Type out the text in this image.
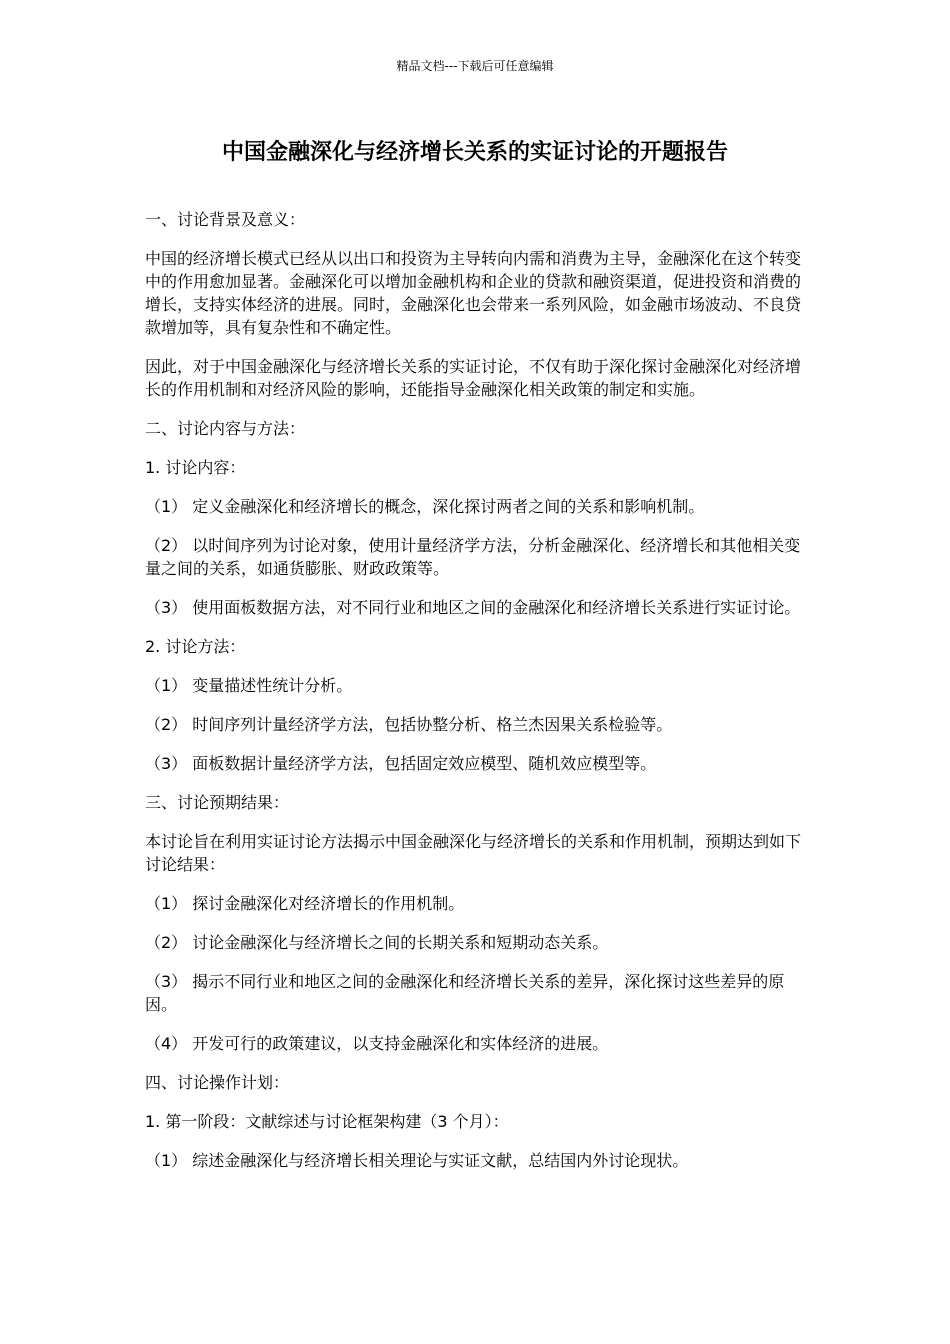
精品文档---下载后可任意编辑
中国金融深化与经济增长关系的实证讨论的开题报告

一、讨论背景及意义：

中国的经济增长模式已经从以出口和投资为主导转向内需和消费为主导，金融深化在这个转变中的作用愈加显著。金融深化可以增加金融机构和企业的贷款和融资渠道，促进投资和消费的增长，支持实体经济的进展。同时，金融深化也会带来一系列风险，如金融市场波动、不良贷款增加等，具有复杂性和不确定性。

因此，对于中国金融深化与经济增长关系的实证讨论，不仅有助于深化探讨金融深化对经济增长的作用机制和对经济风险的影响，还能指导金融深化相关政策的制定和实施。

二、讨论内容与方法：

1. 讨论内容：

（1） 定义金融深化和经济增长的概念，深化探讨两者之间的关系和影响机制。

（2） 以时间序列为讨论对象，使用计量经济学方法，分析金融深化、经济增长和其他相关变量之间的关系，如通货膨胀、财政政策等。

（3） 使用面板数据方法，对不同行业和地区之间的金融深化和经济增长关系进行实证讨论。

2. 讨论方法：

（1） 变量描述性统计分析。

（2） 时间序列计量经济学方法，包括协整分析、格兰杰因果关系检验等。

（3） 面板数据计量经济学方法，包括固定效应模型、随机效应模型等。

三、讨论预期结果：

本讨论旨在利用实证讨论方法揭示中国金融深化与经济增长的关系和作用机制，预期达到如下讨论结果：

（1） 探讨金融深化对经济增长的作用机制。

（2） 讨论金融深化与经济增长之间的长期关系和短期动态关系。

（3） 揭示不同行业和地区之间的金融深化和经济增长关系的差异，深化探讨这些差异的原因。

（4） 开发可行的政策建议，以支持金融深化和实体经济的进展。

四、讨论操作计划：

1. 第一阶段：文献综述与讨论框架构建（3 个月）：

（1） 综述金融深化与经济增长相关理论与实证文献，总结国内外讨论现状。
